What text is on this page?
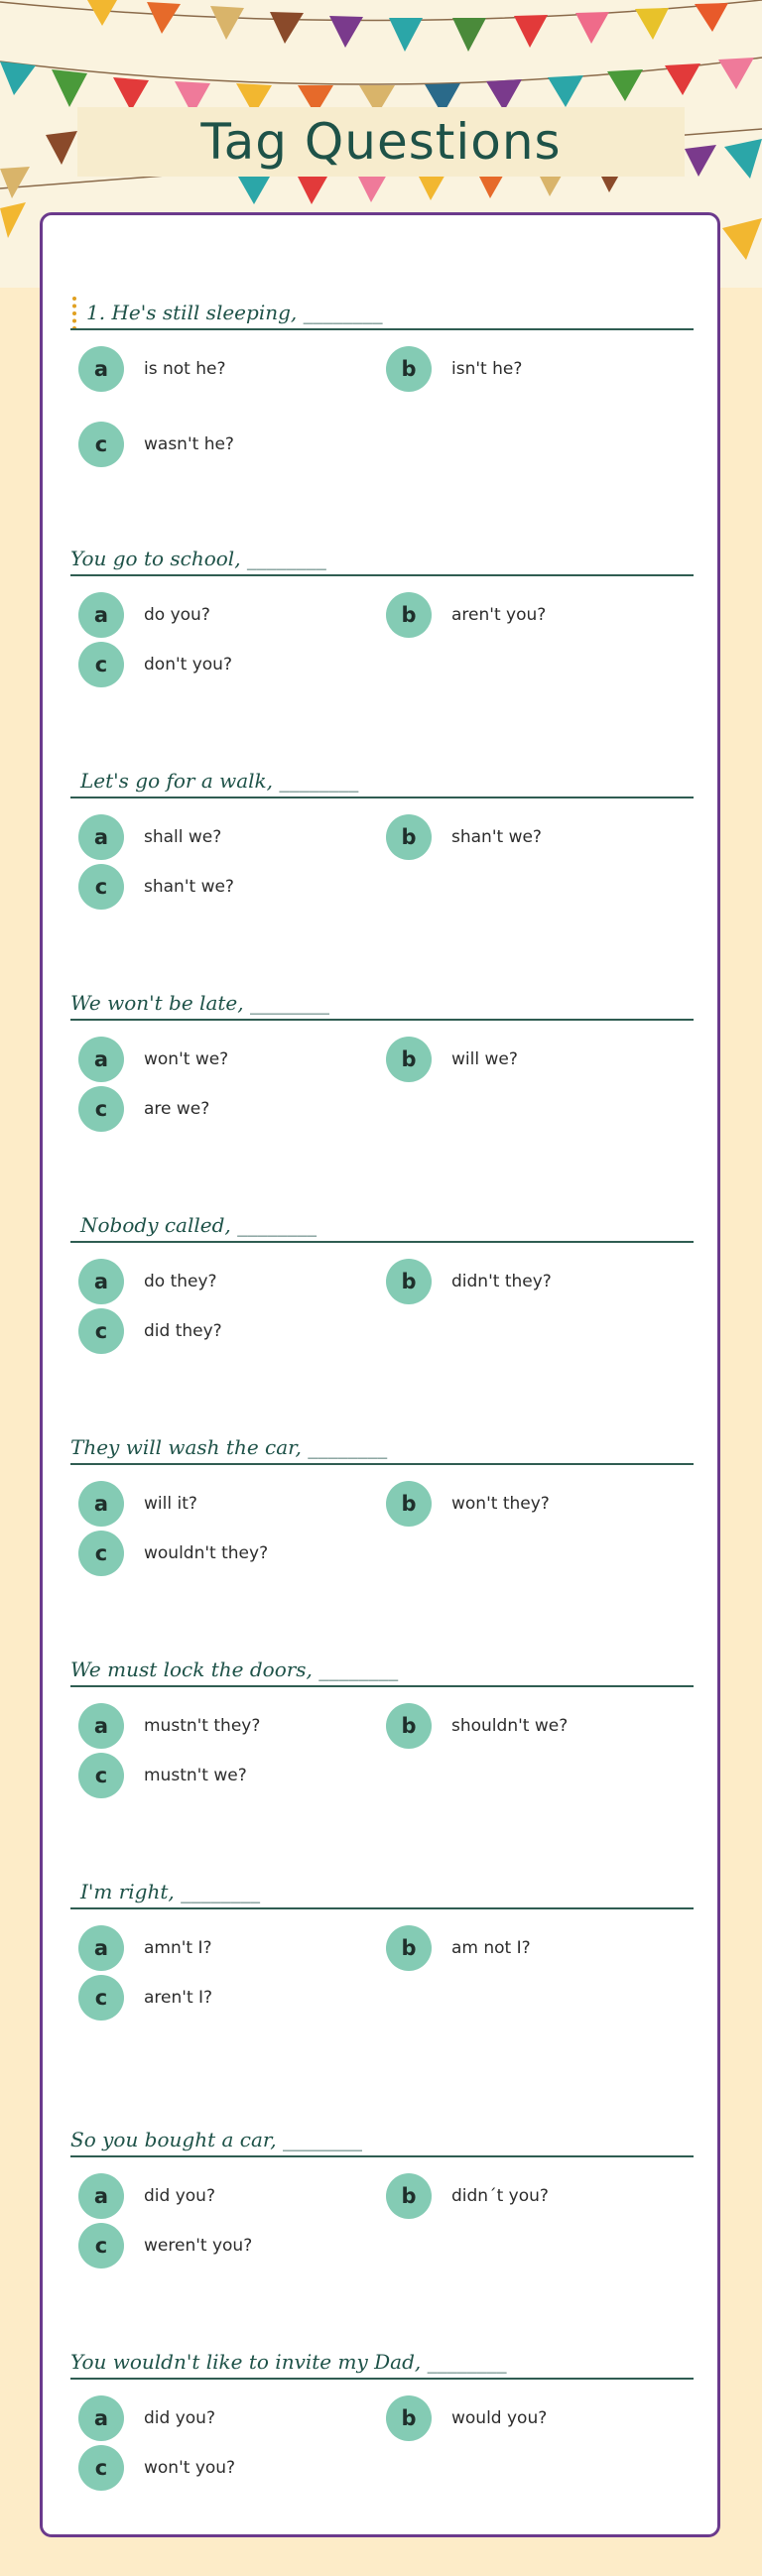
Tag Questions
1. He's still sleeping, ________
a	is not he?	b	isn't he?
c	wasn't he?
You go to school, ________
a	do you?	b	aren't you?
c	don't you?
Let's go for a walk, ________
a	shall we?	b	shan't we?
c	shan't we?
We won't be late, ________
a	won't we?	b	will we?
c	are we?
Nobody called, ________
a	do they?	b	didn't they?
c	did they?
They will wash the car, ________
a	will it?	b	won't they?
c	wouldn't they?
We must lock the doors, ________
a	mustn't they?	b	shouldn't we?
c	mustn't we?
I'm right, ________
a	amn't I?	b	am not I?
c	aren't I?
So you bought a car, ________
a	did you?	b	didn´t you?
c	weren't you?
You wouldn't like to invite my Dad, ________
a	did you?	b	would you?
c	won't you?
